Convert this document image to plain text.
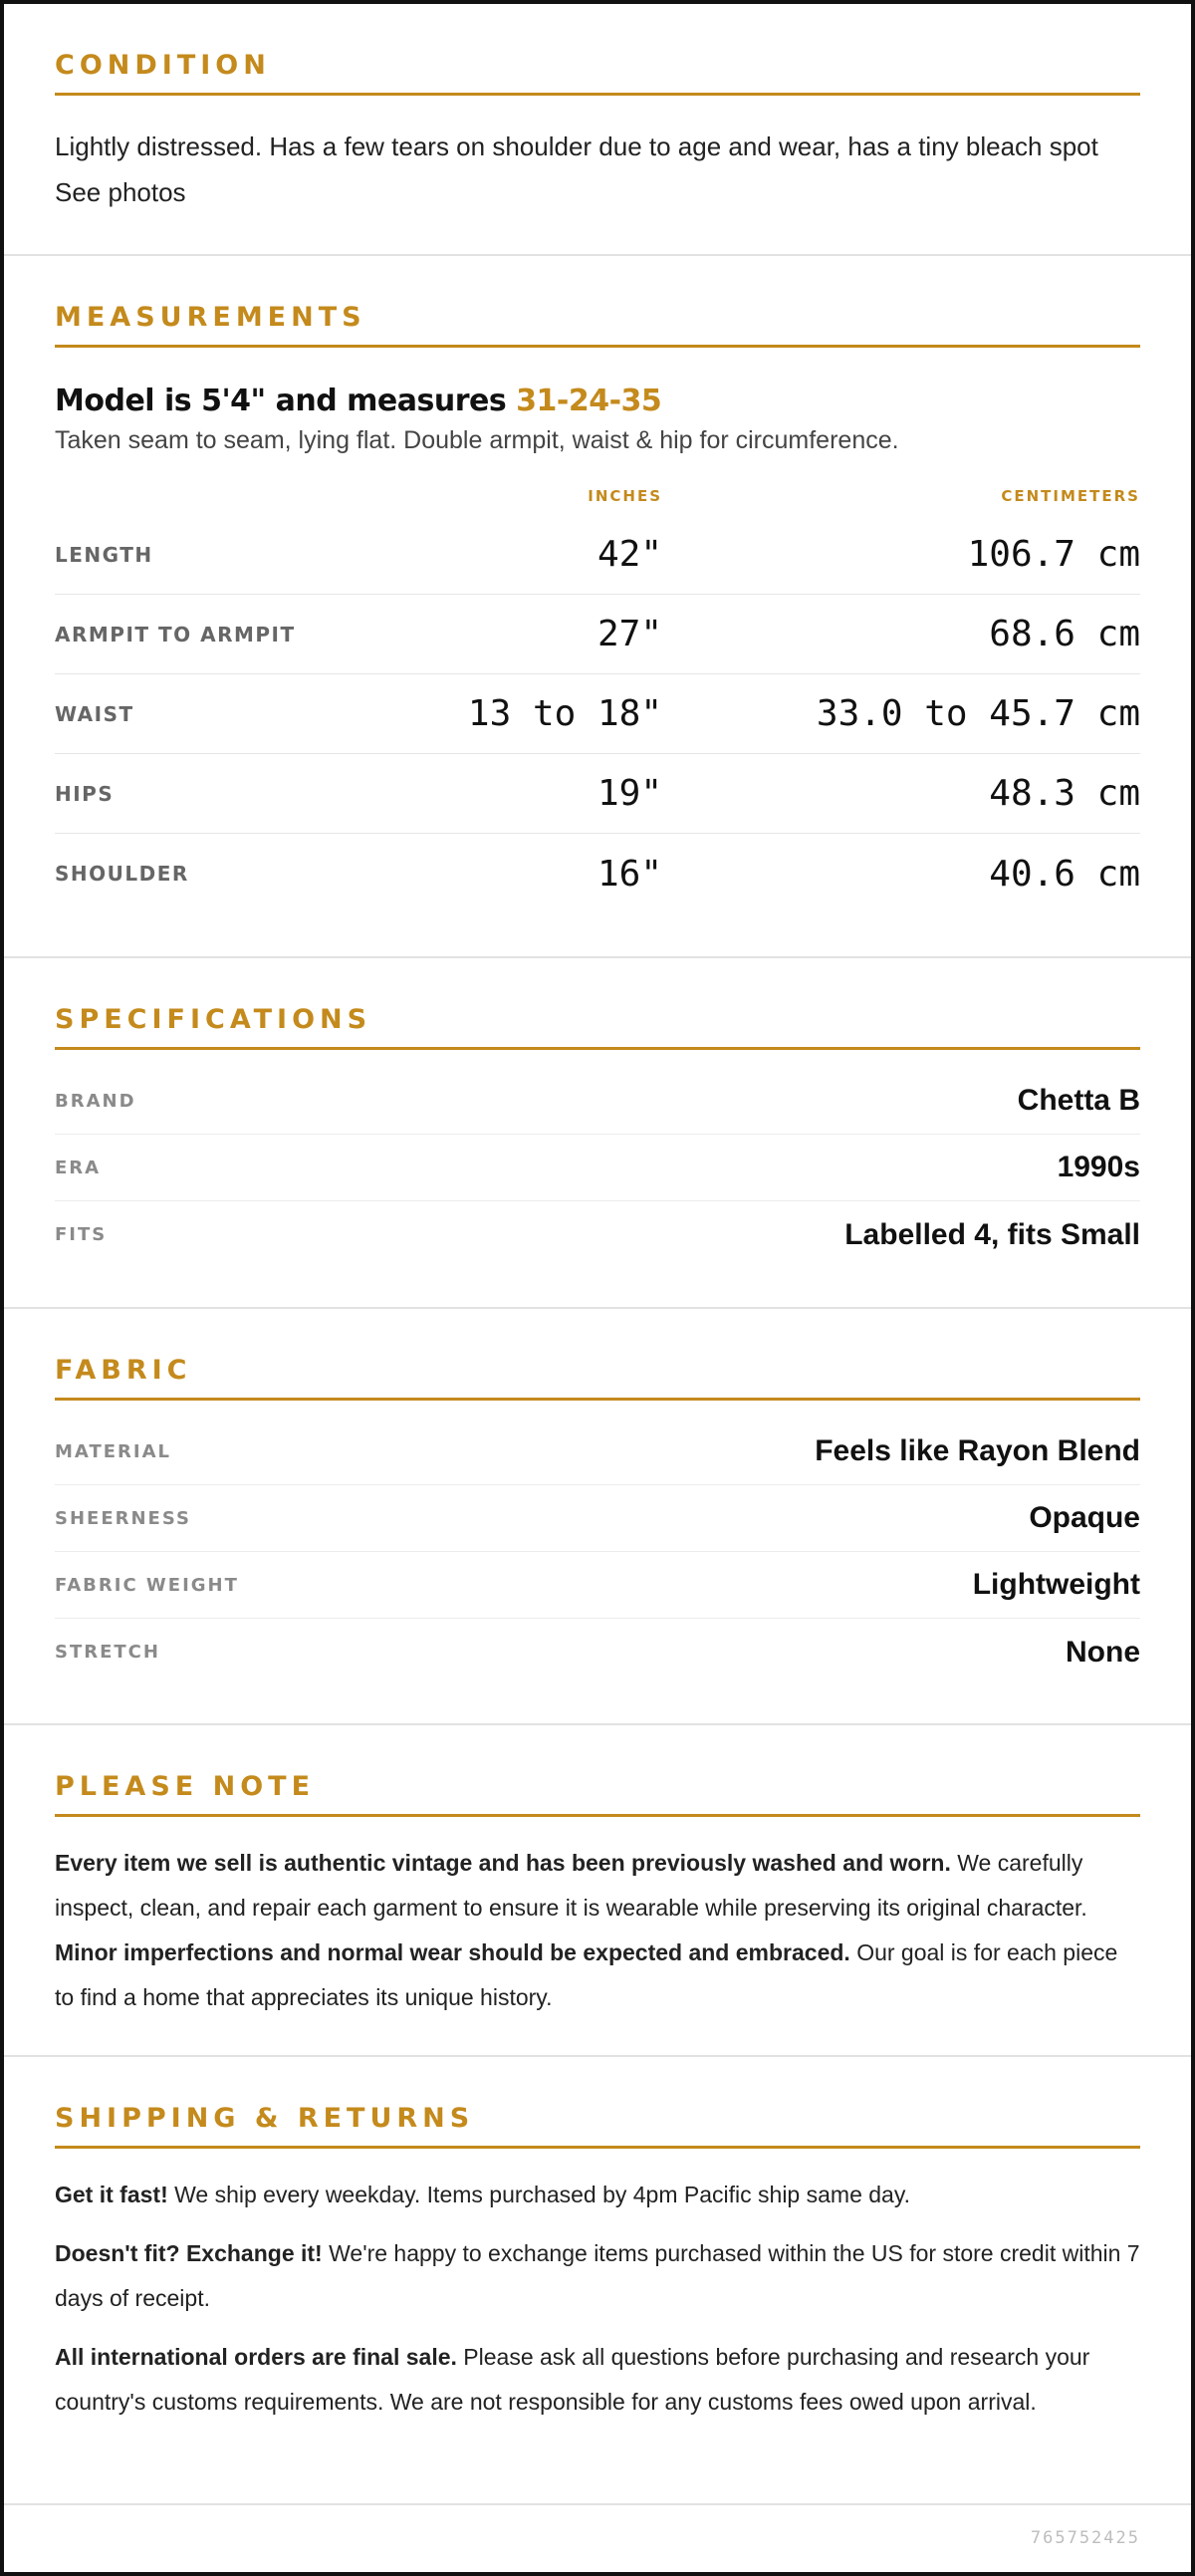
CONDITION

Lightly distressed. Has a few tears on shoulder due to age and wear, has a tiny bleach spot See photos

MEASUREMENTS
Model is 5'4" and measures 31-24-35
Taken seam to seam, lying flat. Double armpit, waist & hip for circumference.
INCHES	CENTIMETERS
LENGTH	42"	106.7 cm
ARMPIT TO ARMPIT	27"	68.6 cm
WAIST	13 to 18"	33.0 to 45.7 cm
HIPS	19"	48.3 cm
SHOULDER	16"	40.6 cm
SPECIFICATIONS
BRAND	Chetta B
ERA	1990s
FITS	Labelled 4, fits Small
FABRIC
MATERIAL	Feels like Rayon Blend
SHEERNESS	Opaque
FABRIC WEIGHT	Lightweight
STRETCH	None
PLEASE NOTE

Every item we sell is authentic vintage and has been previously washed and worn. We carefully inspect, clean, and repair each garment to ensure it is wearable while preserving its original character. Minor imperfections and normal wear should be expected and embraced. Our goal is for each piece to find a home that appreciates its unique history.

SHIPPING & RETURNS

Get it fast! We ship every weekday. Items purchased by 4pm Pacific ship same day.

Doesn't fit? Exchange it! We're happy to exchange items purchased within the US for store credit within 7 days of receipt.

All international orders are final sale. Please ask all questions before purchasing and research your country's customs requirements. We are not responsible for any customs fees owed upon arrival.

765752425
